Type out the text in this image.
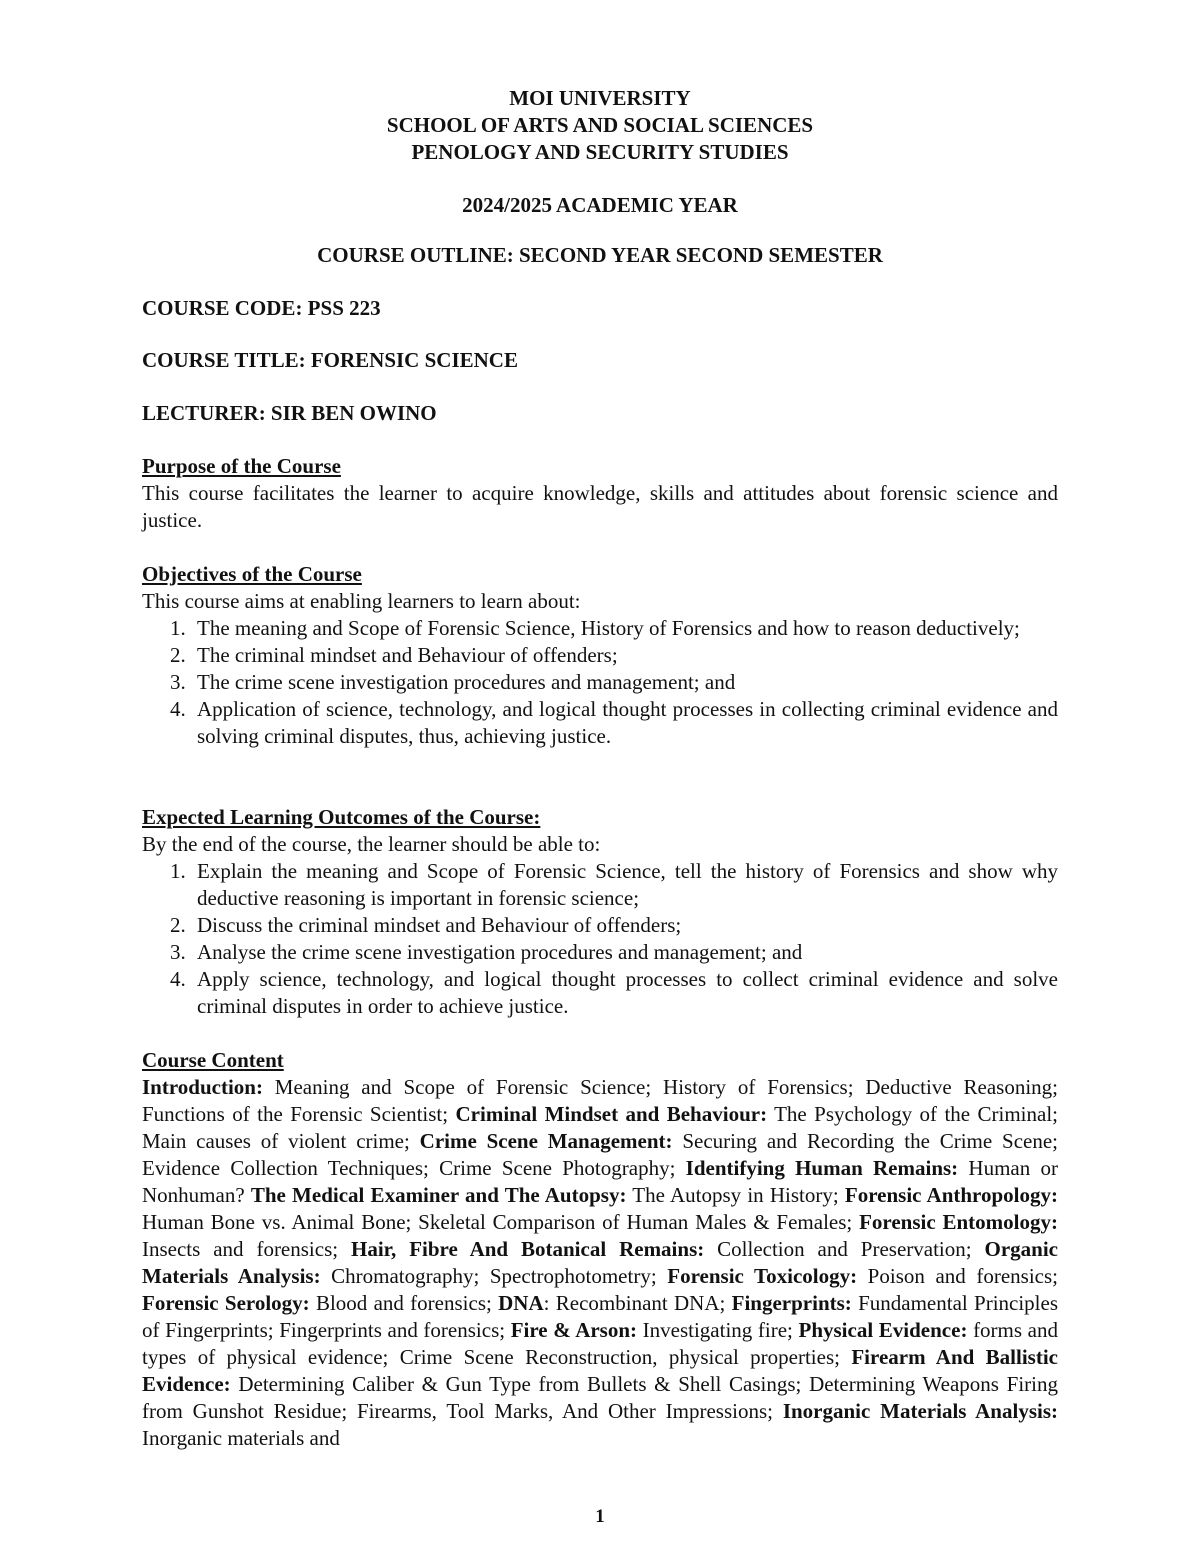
MOI UNIVERSITY
SCHOOL OF ARTS AND SOCIAL SCIENCES
PENOLOGY AND SECURITY STUDIES
2024/2025 ACADEMIC YEAR
COURSE OUTLINE: SECOND YEAR SECOND SEMESTER
COURSE CODE: PSS 223
COURSE TITLE: FORENSIC SCIENCE
LECTURER: SIR BEN OWINO
Purpose of the Course
This course facilitates the learner to acquire knowledge, skills and attitudes about forensic science and justice.
Objectives of the Course
This course aims at enabling learners to learn about:
1. The meaning and Scope of Forensic Science, History of Forensics and how to reason deductively;
2. The criminal mindset and Behaviour of offenders;
3. The crime scene investigation procedures and management; and
4. Application of science, technology, and logical thought processes in collecting criminal evidence and solving criminal disputes, thus, achieving justice.
Expected Learning Outcomes of the Course:
By the end of the course, the learner should be able to:
1. Explain the meaning and Scope of Forensic Science, tell the history of Forensics and show why deductive reasoning is important in forensic science;
2. Discuss the criminal mindset and Behaviour of offenders;
3. Analyse the crime scene investigation procedures and management; and
4. Apply science, technology, and logical thought processes to collect criminal evidence and solve criminal disputes in order to achieve justice.
Course Content
Introduction: Meaning and Scope of Forensic Science; History of Forensics; Deductive Reasoning; Functions of the Forensic Scientist; Criminal Mindset and Behaviour: The Psychology of the Criminal; Main causes of violent crime; Crime Scene Management: Securing and Recording the Crime Scene; Evidence Collection Techniques; Crime Scene Photography; Identifying Human Remains: Human or Nonhuman? The Medical Examiner and The Autopsy: The Autopsy in History; Forensic Anthropology: Human Bone vs. Animal Bone; Skeletal Comparison of Human Males & Females; Forensic Entomology: Insects and forensics; Hair, Fibre And Botanical Remains: Collection and Preservation; Organic Materials Analysis: Chromatography; Spectrophotometry; Forensic Toxicology: Poison and forensics; Forensic Serology: Blood and forensics; DNA: Recombinant DNA; Fingerprints: Fundamental Principles of Fingerprints; Fingerprints and forensics; Fire & Arson: Investigating fire; Physical Evidence: forms and types of physical evidence; Crime Scene Reconstruction, physical properties; Firearm And Ballistic Evidence: Determining Caliber & Gun Type from Bullets & Shell Casings; Determining Weapons Firing from Gunshot Residue; Firearms, Tool Marks, And Other Impressions; Inorganic Materials Analysis: Inorganic materials and
1
